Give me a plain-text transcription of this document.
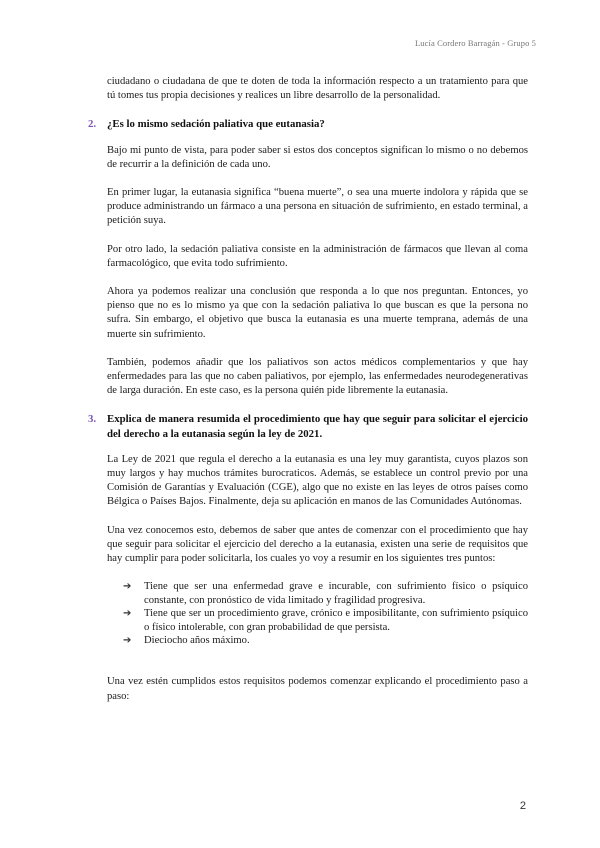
Lucía Cordero Barragán - Grupo 5

ciudadano o ciudadana de que te doten de toda la información respecto a un tratamiento para que tú tomes tus propia decisiones y realices un libre desarrollo de la personalidad.

2. ¿Es lo mismo sedación paliativa que eutanasia?

Bajo mi punto de vista, para poder saber si estos dos conceptos significan lo mismo o no debemos de recurrir a la definición de cada uno.

En primer lugar, la eutanasia significa “buena muerte”, o sea una muerte indolora y rápida que se produce administrando un fármaco a una persona en situación de sufrimiento, en estado terminal, a petición suya.

Por otro lado, la sedación paliativa consiste en la administración de fármacos que llevan al coma farmacológico, que evita todo sufrimiento.

Ahora ya podemos realizar una conclusión que responda a lo que nos preguntan. Entonces, yo pienso que no es lo mismo ya que con la sedación paliativa lo que buscan es que la persona no sufra. Sin embargo, el objetivo que busca la eutanasia es una muerte temprana, además de una muerte sin sufrimiento.

También, podemos añadir que los paliativos son actos médicos complementarios y que hay enfermedades para las que no caben paliativos, por ejemplo, las enfermedades neurodegenerativas de larga duración. En este caso, es la persona quién pide libremente la eutanasia.

3. Explica de manera resumida el procedimiento que hay que seguir para solicitar el ejercicio del derecho a la eutanasia según la ley de 2021.

La Ley de 2021 que regula el derecho a la eutanasia es una ley muy garantista, cuyos plazos son muy largos y hay muchos trámites burocraticos. Además, se establece un control previo por una Comisión de Garantías y Evaluación (CGE), algo que no existe en las leyes de otros países como Bélgica o Países Bajos. Finalmente, deja su aplicación en manos de las Comunidades Autónomas.

Una vez conocemos esto, debemos de saber que antes de comenzar con el procedimiento que hay que seguir para solicitar el ejercicio del derecho a la eutanasia, existen una serie de requisitos que hay cumplir para poder solicitarla, los cuales yo voy a resumir en los siguientes tres puntos:

➔ Tiene que ser una enfermedad grave e incurable, con sufrimiento físico o psíquico constante, con pronóstico de vida limitado y fragilidad progresiva.
➔ Tiene que ser un procedimiento grave, crónico e imposibilitante, con sufrimiento psíquico o físico intolerable, con gran probabilidad de que persista.
➔ Dieciocho años máximo.

Una vez estén cumplidos estos requisitos podemos comenzar explicando el procedimiento paso a paso:

2
